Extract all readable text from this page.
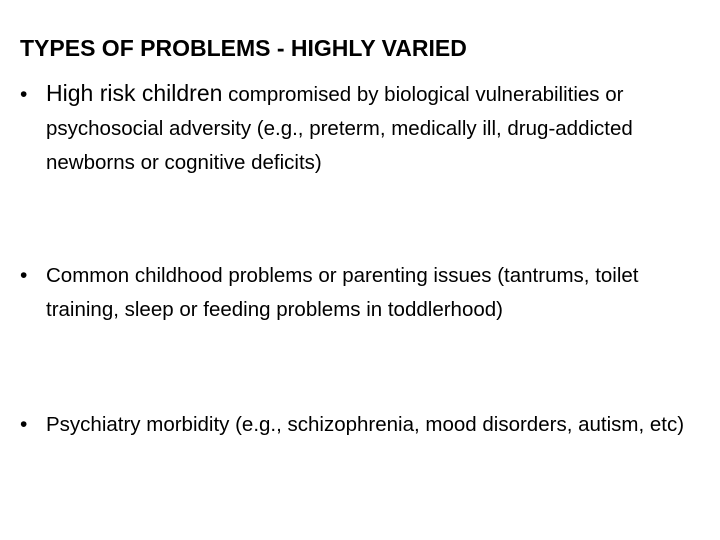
TYPES OF PROBLEMS - HIGHLY VARIED
• High risk children compromised by biological vulnerabilities or psychosocial adversity (e.g., preterm, medically ill, drug-addicted newborns or cognitive deficits)
• Common childhood problems or parenting issues (tantrums, toilet training, sleep or feeding problems in toddlerhood)
• Psychiatry morbidity (e.g., schizophrenia, mood disorders, autism, etc)
